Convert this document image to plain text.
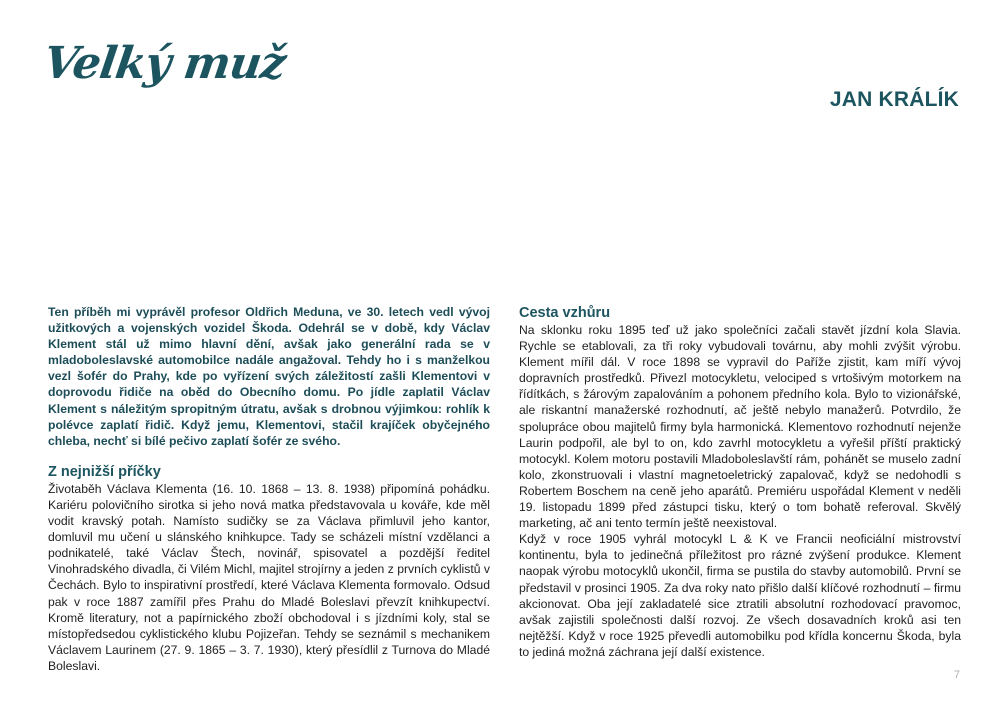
Velký muž
JAN KRÁLÍK

Ten příběh mi vyprávěl profesor Oldřich Meduna, ve 30. letech vedl vývoj užitkových a vojenských vozidel Škoda. Odehrál se v době, kdy Václav Klement stál už mimo hlavní dění, avšak jako generální rada se v mladoboleslavské automobilce nadále angažoval. Tehdy ho i s manželkou vezl šofér do Prahy, kde po vyřízení svých záležitostí zašli Klementovi v doprovodu řidiče na oběd do Obecního domu. Po jídle zaplatil Václav Klement s náležitým spropitným útratu, avšak s drobnou výjimkou: rohlík k polévce zaplatí řidič. Když jemu, Klementovi, stačil krajíček obyčejného chleba, nechť si bílé pečivo zaplatí šofér ze svého.

Z nejnižší příčky

Životaběh Václava Klementa (16. 10. 1868 – 13. 8. 1938) připomíná pohádku. Kariéru polovičního sirotka si jeho nová matka představovala u kováře, kde měl vodit kravský potah. Namísto sudičky se za Václava přimluvil jeho kantor, domluvil mu učení u slánského knihkupce. Tady se scházeli místní vzdělanci a podnikatelé, také Václav Štech, novinář, spisovatel a pozdější ředitel Vinohradského divadla, či Vilém Michl, majitel strojírny a jeden z prvních cyklistů v Čechách. Bylo to inspirativní prostředí, které Václava Klementa formovalo. Odsud pak v roce 1887 zamířil přes Prahu do Mladé Boleslavi převzít knihkupectví. Kromě literatury, not a papírnického zboží obchodoval i s jízdními koly, stal se místopředsedou cyklistického klubu Pojizeřan. Tehdy se seznámil s mechanikem Václavem Laurinem (27. 9. 1865 – 3. 7. 1930), který přesídlil z Turnova do Mladé Boleslavi.

Cesta vzhůru

Na sklonku roku 1895 teď už jako společníci začali stavět jízdní kola Slavia. Rychle se etablovali, za tři roky vybudovali továrnu, aby mohli zvýšit výrobu. Klement mířil dál. V roce 1898 se vypravil do Paříže zjistit, kam míří vývoj dopravních prostředků. Přivezl motocykletu, velociped s vrtošivým motorkem na řídítkách, s žárovým zapalováním a pohonem předního kola. Bylo to vizionářské, ale riskantní manažerské rozhodnutí, ač ještě nebylo manažerů. Potvrdilo, že spolupráce obou majitelů firmy byla harmonická. Klementovo rozhodnutí nejenže Laurin podpořil, ale byl to on, kdo zavrhl motocykletu a vyřešil příští praktický motocykl. Kolem motoru postavili Mladoboleslavští rám, pohánět se muselo zadní kolo, zkonstruovali i vlastní magnetoeletrický zapalovač, když se nedohodli s Robertem Boschem na ceně jeho aparátů. Premiéru uspořádal Klement v neděli 19. listopadu 1899 před zástupci tisku, který o tom bohatě referoval. Skvělý marketing, ač ani tento termín ještě neexistoval.

Když v roce 1905 vyhrál motocykl L & K ve Francii neoficiální mistrovství kontinentu, byla to jedinečná příležitost pro rázné zvýšení produkce. Klement naopak výrobu motocyklů ukončil, firma se pustila do stavby automobilů. První se představil v prosinci 1905. Za dva roky nato přišlo další klíčové rozhodnutí – firmu akcionovat. Oba její zakladatelé sice ztratili absolutní rozhodovací pravomoc, avšak zajistili společnosti další rozvoj. Ze všech dosavadních kroků asi ten nejtěžší. Když v roce 1925 převedli automobilku pod křídla koncernu Škoda, byla to jediná možná záchrana její další existence.

7
